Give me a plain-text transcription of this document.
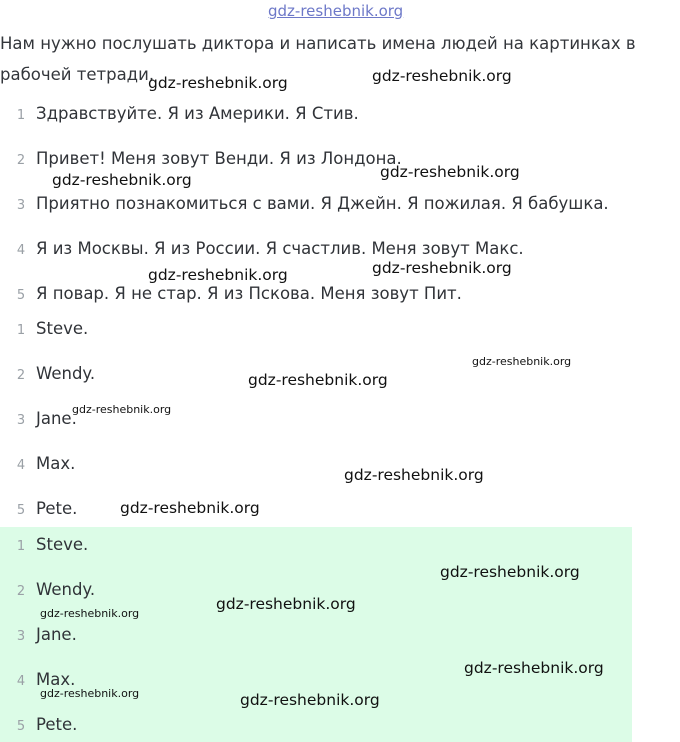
gdz-reshebnik.org
Нам нужно послушать диктора и написать имена людей на картинках в рабочей тетради.
1 Здравствуйте. Я из Америки. Я Стив.
2 Привет! Меня зовут Венди. Я из Лондона.
3 Приятно познакомиться с вами. Я Джейн. Я пожилая. Я бабушка.
4 Я из Москвы. Я из России. Я счастлив. Меня зовут Макс.
5 Я повар. Я не стар. Я из Пскова. Меня зовут Пит.
1 Steve.
2 Wendy.
3 Jane.
4 Max.
5 Pete.
1 Steve.
2 Wendy.
3 Jane.
4 Max.
5 Pete.
gdz-reshebnik.org	gdz-reshebnik.org
gdz-reshebnik.org
gdz-reshebnik.org
gdz-reshebnik.org	gdz-reshebnik.org
gdz-reshebnik.org
gdz-reshebnik.org
gdz-reshebnik.org
gdz-reshebnik.org
gdz-reshebnik.org
gdz-reshebnik.org
gdz-reshebnik.org
gdz-reshebnik.org
gdz-reshebnik.org
gdz-reshebnik.org	gdz-reshebnik.org
